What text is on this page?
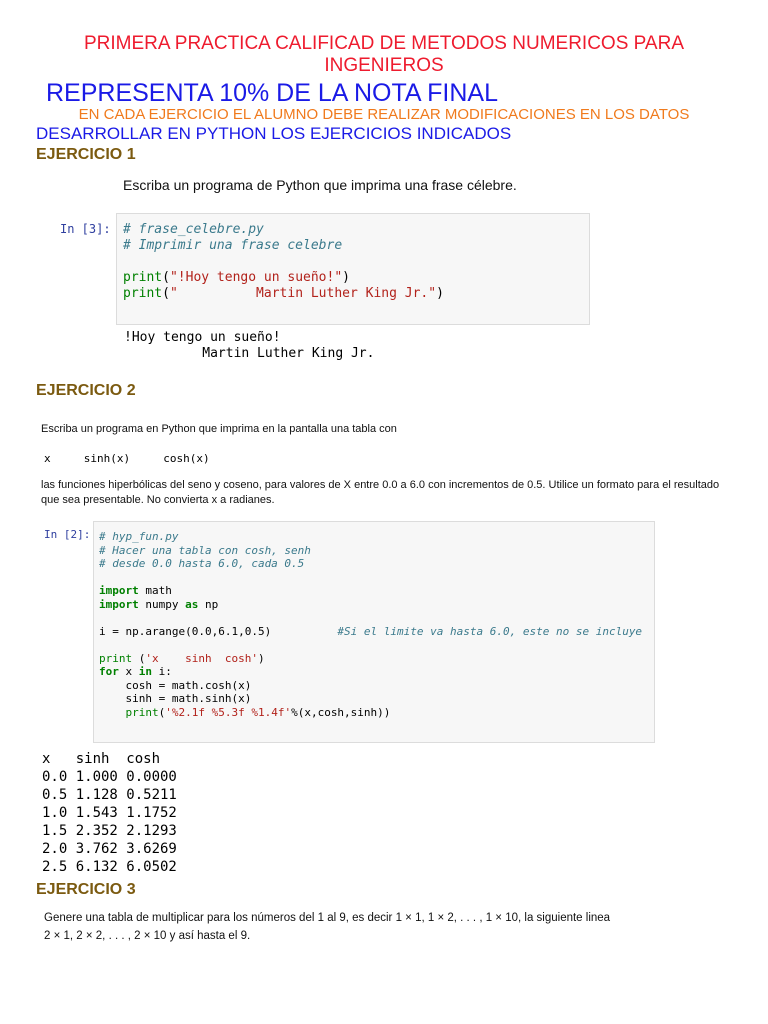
PRIMERA PRACTICA CALIFICAD DE METODOS NUMERICOS PARA INGENIEROS
REPRESENTA 10% DE LA NOTA FINAL
EN CADA EJERCICIO EL ALUMNO DEBE REALIZAR MODIFICACIONES EN LOS DATOS
DESARROLLAR EN PYTHON LOS EJERCICIOS INDICADOS
EJERCICIO 1
Escriba un programa de Python que imprima una frase célebre.
In [3]: # frase_celebre.py
# Imprimir una frase celebre

print("!Hoy tengo un sueño!")
print("          Martin Luther King Jr.")
!Hoy tengo un sueño!
Martin Luther King Jr.
EJERCICIO 2
Escriba un programa en Python que imprima en la pantalla una tabla con
x     sinh(x)     cosh(x)
las funciones hiperbólicas del seno y coseno, para valores de X entre 0.0 a 6.0 con incrementos de 0.5. Utilice un formato para el resultado que sea presentable. No convierta x a radianes.
In [2]: # hyp_fun.py
# Hacer una tabla con cosh, senh
# desde 0.0 hasta 6.0, cada 0.5

import math
import numpy as np

i = np.arange(0.0,6.1,0.5)	#Si el limite va hasta 6.0, este no se incluye

print ('x    sinh  cosh')
for x in i:
cosh = math.cosh(x)
sinh = math.sinh(x)
print('%2.1f %5.3f %1.4f'%(x,cosh,sinh))
x   sinh  cosh
0.0 1.000 0.0000
0.5 1.128 0.5211
1.0 1.543 1.1752
1.5 2.352 2.1293
2.0 3.762 3.6269
2.5 6.132 6.0502
EJERCICIO 3
Genere una tabla de multiplicar para los números del 1 al 9, es decir 1 × 1, 1 × 2, . . . , 1 × 10, la siguiente linea
2 × 1, 2 × 2, . . . , 2 × 10 y así hasta el 9.
